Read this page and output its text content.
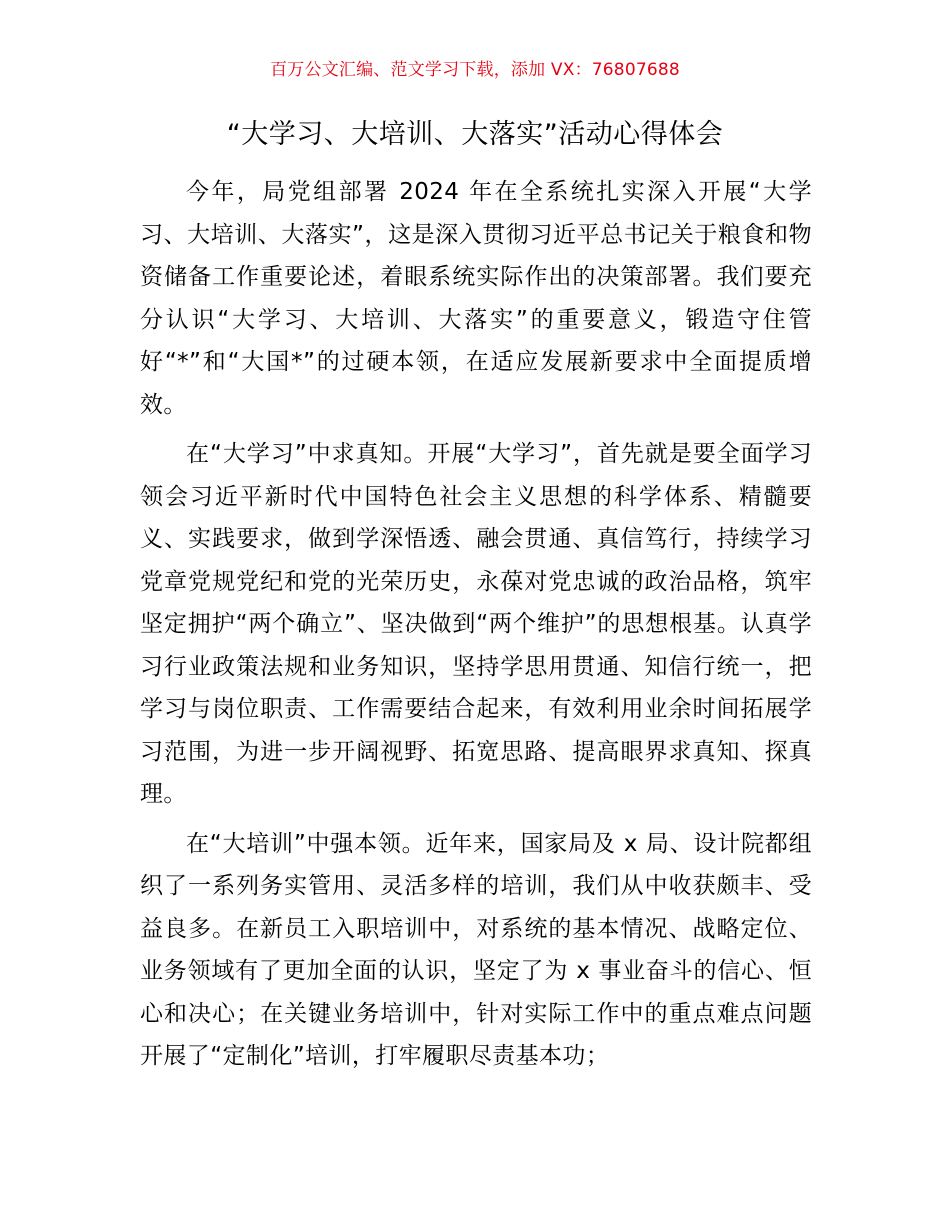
百万公文汇编、范文学习下载，添加 VX：76807688
“大学习、大培训、大落实”活动心得体会

今年，局党组部署 2024 年在全系统扎实深入开展“大学习、大培训、大落实”，这是深入贯彻习近平总书记关于粮食和物资储备工作重要论述，着眼系统实际作出的决策部署。我们要充分认识“大学习、大培训、大落实”的重要意义，锻造守住管好“*”和“大国*”的过硬本领，在适应发展新要求中全面提质增效。

在“大学习”中求真知。开展“大学习”，首先就是要全面学习领会习近平新时代中国特色社会主义思想的科学体系、精髓要义、实践要求，做到学深悟透、融会贯通、真信笃行，持续学习党章党规党纪和党的光荣历史，永葆对党忠诚的政治品格，筑牢坚定拥护“两个确立”、坚决做到“两个维护”的思想根基。认真学习行业政策法规和业务知识，坚持学思用贯通、知信行统一，把学习与岗位职责、工作需要结合起来，有效利用业余时间拓展学习范围，为进一步开阔视野、拓宽思路、提高眼界求真知、探真理。

在“大培训”中强本领。近年来，国家局及 x 局、设计院都组织了一系列务实管用、灵活多样的培训，我们从中收获颇丰、受益良多。在新员工入职培训中，对系统的基本情况、战略定位、业务领域有了更加全面的认识，坚定了为 x 事业奋斗的信心、恒心和决心；在关键业务培训中，针对实际工作中的重点难点问题开展了“定制化”培训，打牢履职尽责基本功；
